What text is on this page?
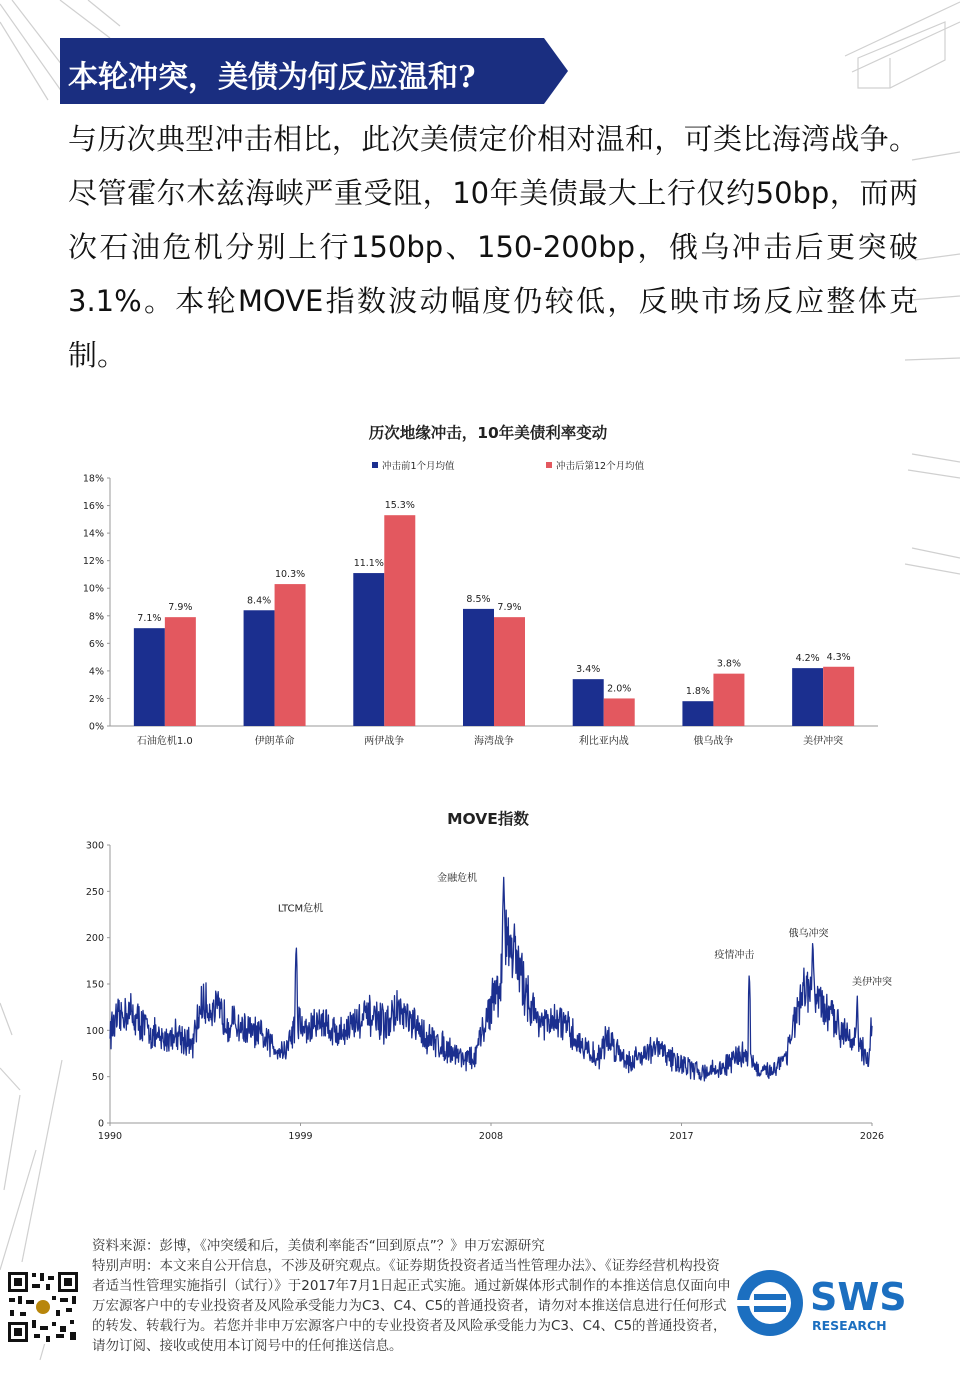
本轮冲突，美债为何反应温和?
与历次典型冲击相比，此次美债定价相对温和，可类比海湾战争。尽管霍尔木兹海峡严重受阻，10年美债最大上行仅约50bp，而两次石油危机分别上行150bp、150-200bp，俄乌冲击后更突破3.1%。本轮MOVE指数波动幅度仍较低，反映市场反应整体克制。
历次地缘冲击，10年美债利率变动
冲击前1个月均值	冲击后第12个月均值
0%
2%
4%
6%
8%
10%
12%
14%
16%
18%
7.1%
7.9%
石油危机1.0
8.4%
10.3%
伊朗革命
11.1%
15.3%
两伊战争
8.5%
7.9%
海湾战争
3.4%
2.0%
利比亚内战
1.8%
3.8%
俄乌战争
4.2% 4.3%
美伊冲突
MOVE指数
0
50
100
150
200
250
300
1990	1999	2008	2017	2026
LTCM危机
金融危机
疫情冲击
俄乌冲突
美伊冲突

资料来源：彭博，《冲突缓和后，美债利率能否“回到原点”？》申万宏源研究

特别声明：本文来自公开信息，不涉及研究观点。《证券期货投资者适当性管理办法》、《证券经营机构投资者适当性管理实施指引（试行）》于2017年7月1日起正式实施。通过新媒体形式制作的本推送信息仅面向申万宏源客户中的专业投资者及风险承受能力为C3、C4、C5的普通投资者，请勿对本推送信息进行任何形式的转发、转载行为。若您并非申万宏源客户中的专业投资者及风险承受能力为C3、C4、C5的普通投资者，请勿订阅、接收或使用本订阅号中的任何推送信息。

SWS
RESEARCH
